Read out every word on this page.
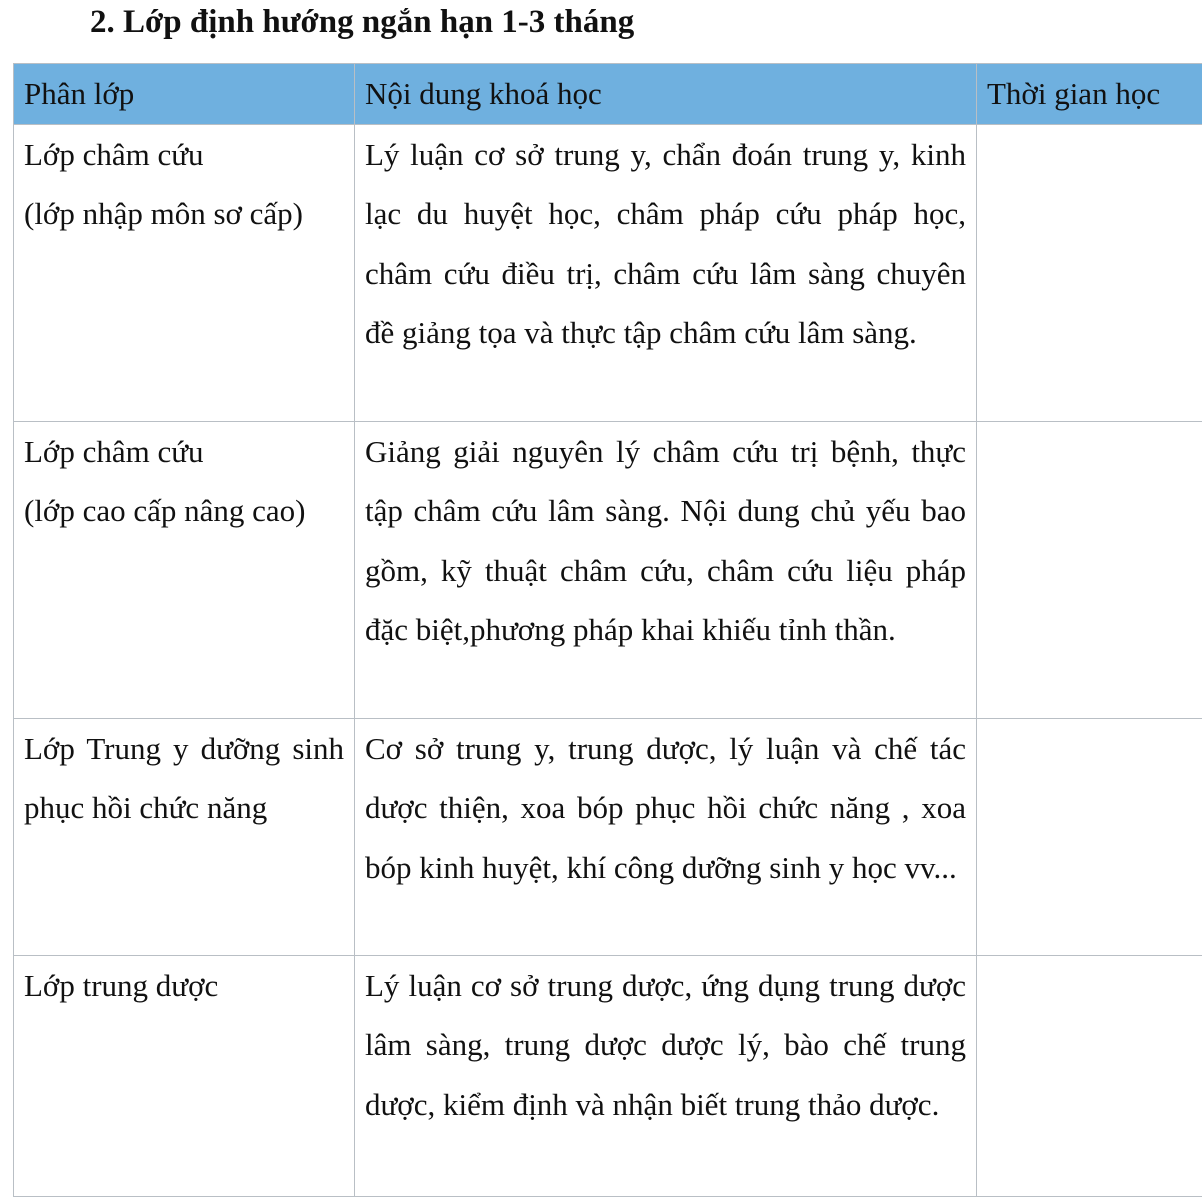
2. Lớp định hướng ngắn hạn 1-3 tháng
Phân lớp	Nội dung khoá học	Thời gian học

Lớp châm cứu
(lớp nhập môn sơ cấp)	Lý luận cơ sở trung y, chẩn đoán trung y, kinh lạc du huyệt học, châm pháp cứu pháp học, châm cứu điều trị, châm cứu lâm sàng chuyên đề giảng tọa và thực tập châm cứu lâm sàng.	

Lớp châm cứu
(lớp cao cấp nâng cao)	Giảng giải nguyên lý châm cứu trị bệnh, thực tập châm cứu lâm sàng. Nội dung chủ yếu bao gồm, kỹ thuật châm cứu, châm cứu liệu pháp đặc biệt,phương pháp khai khiếu tỉnh thần.	
Lớp Trung y dưỡng sinh phục hồi chức năng	Cơ sở trung y, trung dược, lý luận và chế tác dược thiện, xoa bóp phục hồi chức năng , xoa bóp kinh huyệt, khí công dưỡng sinh y học vv...	
Lớp trung dược	Lý luận cơ sở trung dược, ứng dụng trung dược lâm sàng, trung dược dược lý, bào chế trung dược, kiểm định và nhận biết trung thảo dược.	
